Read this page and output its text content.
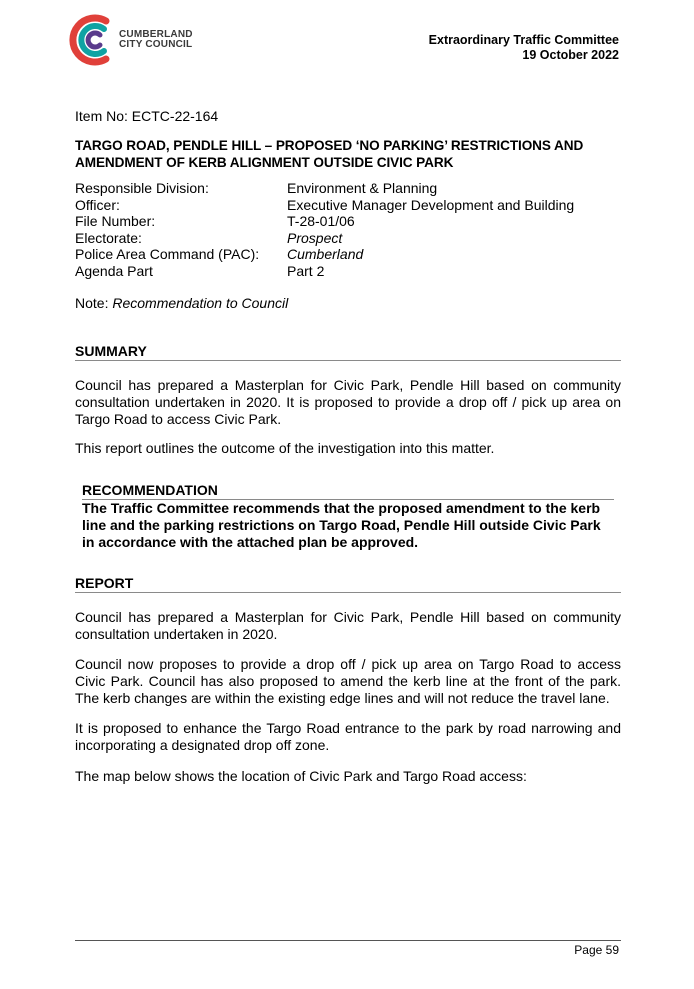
CUMBERLAND
CITY COUNCIL	Extraordinary Traffic Committee
19 October 2022
Item No: ECTC-22-164
TARGO ROAD, PENDLE HILL – PROPOSED ‘NO PARKING’ RESTRICTIONS AND AMENDMENT OF KERB ALIGNMENT OUTSIDE CIVIC PARK
Responsible Division:	Environment & Planning
Officer:	Executive Manager Development and Building
File Number:	T-28-01/06
Electorate:	Prospect
Police Area Command (PAC):	Cumberland
Agenda Part	Part 2
Note: Recommendation to Council
SUMMARY
Council has prepared a Masterplan for Civic Park, Pendle Hill based on community consultation undertaken in 2020. It is proposed to provide a drop off / pick up area on Targo Road to access Civic Park.
This report outlines the outcome of the investigation into this matter.
RECOMMENDATION
The Traffic Committee recommends that the proposed amendment to the kerb line and the parking restrictions on Targo Road, Pendle Hill outside Civic Park in accordance with the attached plan be approved.
REPORT
Council has prepared a Masterplan for Civic Park, Pendle Hill based on community consultation undertaken in 2020.
Council now proposes to provide a drop off / pick up area on Targo Road to access Civic Park. Council has also proposed to amend the kerb line at the front of the park. The kerb changes are within the existing edge lines and will not reduce the travel lane.
It is proposed to enhance the Targo Road entrance to the park by road narrowing and incorporating a designated drop off zone.
The map below shows the location of Civic Park and Targo Road access:
Page 59
